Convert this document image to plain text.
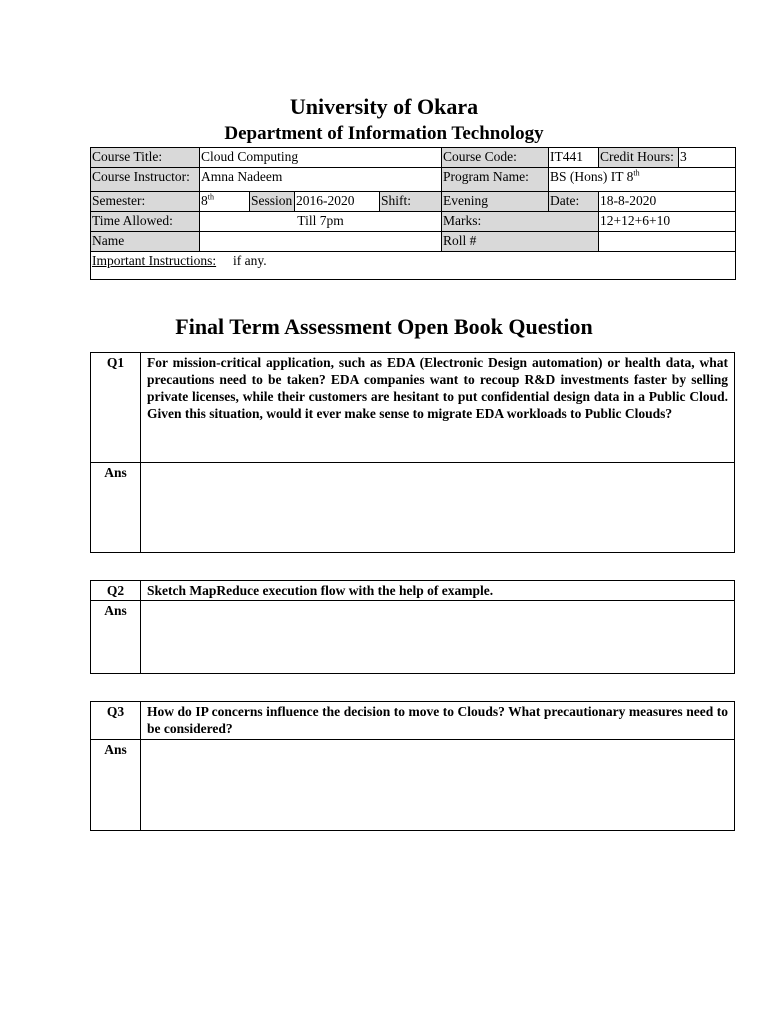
University of Okara
Department of Information Technology
Course Title:	Cloud Computing				Course Code:	IT441	Credit Hours:	3
Course Instructor:	Amna Nadeem				Program Name:	BS (Hons) IT 8th
Semester:	8th	Session	2016-2020	Shift:	Evening	Date:	18-8-2020	
Time Allowed:	Till 7pm				Marks:		12+12+6+10	
Name					Roll #			
Important Instructions: if any.								
Final Term Assessment Open Book Question
Q1	For mission-critical application, such as EDA (Electronic Design automation) or health data, what precautions need to be taken? EDA companies want to recoup R&D investments faster by selling private licenses, while their customers are hesitant to put confidential design data in a Public Cloud. Given this situation, would it ever make sense to migrate EDA workloads to Public Clouds?
Ans	
Q2	Sketch MapReduce execution flow with the help of example.
Ans	
Q3	How do IP concerns influence the decision to move to Clouds? What precautionary measures need to be considered?
Ans	
